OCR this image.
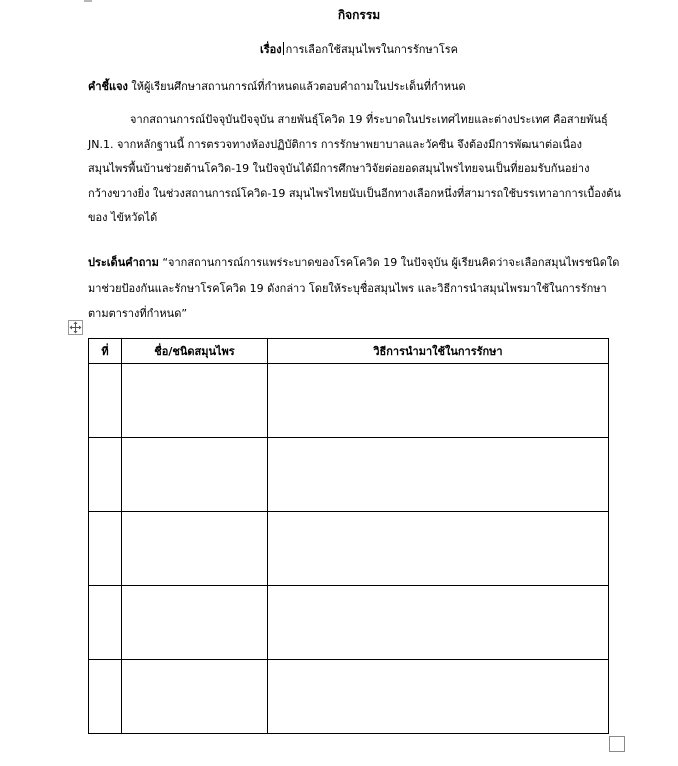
กิจกรรม
เรื่อง การเลือกใช้สมุนไพรในการรักษาโรค
คำชี้แจง ให้ผู้เรียนศึกษาสถานการณ์ที่กำหนดแล้วตอบคำถามในประเด็นที่กำหนด
จากสถานการณ์ปัจจุบันปัจจุบัน สายพันธุ์โควิด 19 ที่ระบาดในประเทศไทยและต่างประเทศ คือสายพันธุ์
JN.1. จากหลักฐานนี้ การตรวจทางห้องปฏิบัติการ การรักษาพยาบาลและวัคซีน จึงต้องมีการพัฒนาต่อเนื่อง
สมุนไพรพื้นบ้านช่วยต้านโควิด-19 ในปัจจุบันได้มีการศึกษาวิจัยต่อยอดสมุนไพรไทยจนเป็นที่ยอมรับกันอย่าง
กว้างขวางยิ่ง ในช่วงสถานการณ์โควิด-19 สมุนไพรไทยนับเป็นอีกทางเลือกหนึ่งที่สามารถใช้บรรเทาอาการเบื้องต้น
ของ ไข้หวัดได้
ประเด็นคำถาม “จากสถานการณ์การแพร่ระบาดของโรคโควิด 19 ในปัจจุบัน ผู้เรียนคิดว่าจะเลือกสมุนไพรชนิดใด
มาช่วยป้องกันและรักษาโรคโควิด 19 ดังกล่าว โดยให้ระบุชื่อสมุนไพร และวิธีการนำสมุนไพรมาใช้ในการรักษา
ตามตารางที่กำหนด”
ที่	ชื่อ/ชนิดสมุนไพร	วิธีการนำมาใช้ในการรักษา
